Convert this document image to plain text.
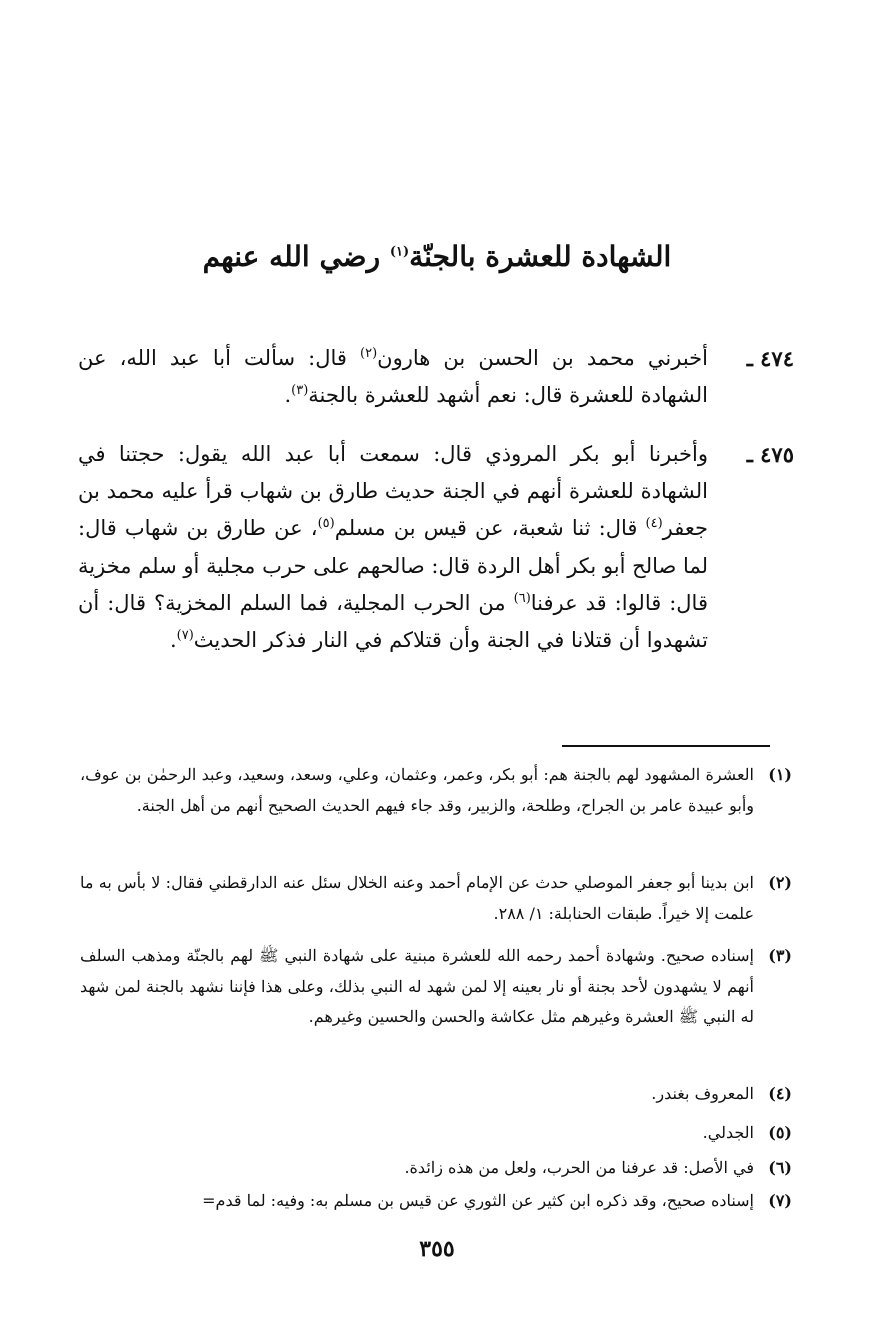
الشهادة للعشرة بالجنّة$^{(١)}$ رضي الله عنهم
٤٧٤ ـ
أخبرني محمد بن الحسن بن هارون$^{(٢)}$ قال: سألت أبا عبد الله، عن الشهادة للعشرة قال: نعم أشهد للعشرة بالجنة$^{(٣)}$.
٤٧٥ ـ
وأخبرنا أبو بكر المروذي قال: سمعت أبا عبد الله يقول: حجتنا في الشهادة للعشرة أنهم في الجنة حديث طارق بن شهاب قرأ عليه محمد بن جعفر$^{(٤)}$ قال: ثنا شعبة، عن قيس بن مسلم$^{(٥)}$، عن طارق بن شهاب قال: لما صالح أبو بكر أهل الردة قال: صالحهم على حرب مجلية أو سلم مخزية قال: قالوا: قد عرفنا$^{(٦)}$ من الحرب المجلية، فما السلم المخزية؟ قال: أن تشهدوا أن قتلانا في الجنة وأن قتلاكم في النار فذكر الحديث$^{(٧)}$.
(١)
العشرة المشهود لهم بالجنة هم: أبو بكر، وعمر، وعثمان، وعلي، وسعد، وسعيد، وعبد الرحمٰن بن عوف، وأبو عبيدة عامر بن الجراح، وطلحة، والزبير، وقد جاء فيهم الحديث الصحيح أنهم من أهل الجنة.
(٢)
ابن بدينا أبو جعفر الموصلي حدث عن الإمام أحمد وعنه الخلال سئل عنه الدارقطني فقال: لا بأس به ما علمت إلا خيراً. طبقات الحنابلة: ١/ ٢٨٨.
(٣)
إسناده صحيح. وشهادة أحمد رحمه الله للعشرة مبنية على شهادة النبي ﷺ لهم بالجنّة ومذهب السلف أنهم لا يشهدون لأحد بجنة أو نار بعينه إلا لمن شهد له النبي بذلك، وعلى هذا فإننا نشهد بالجنة لمن شهد له النبي ﷺ العشرة وغيرهم مثل عكاشة والحسن والحسين وغيرهم.
(٤)
المعروف بغندر.
(٥)
الجدلي.
(٦)
في الأصل: قد عرفنا من الحرب، ولعل من هذه زائدة.
(٧)
إسناده صحيح، وقد ذكره ابن كثير عن الثوري عن قيس بن مسلم به: وفيه: لما قدم=
٣٥٥
